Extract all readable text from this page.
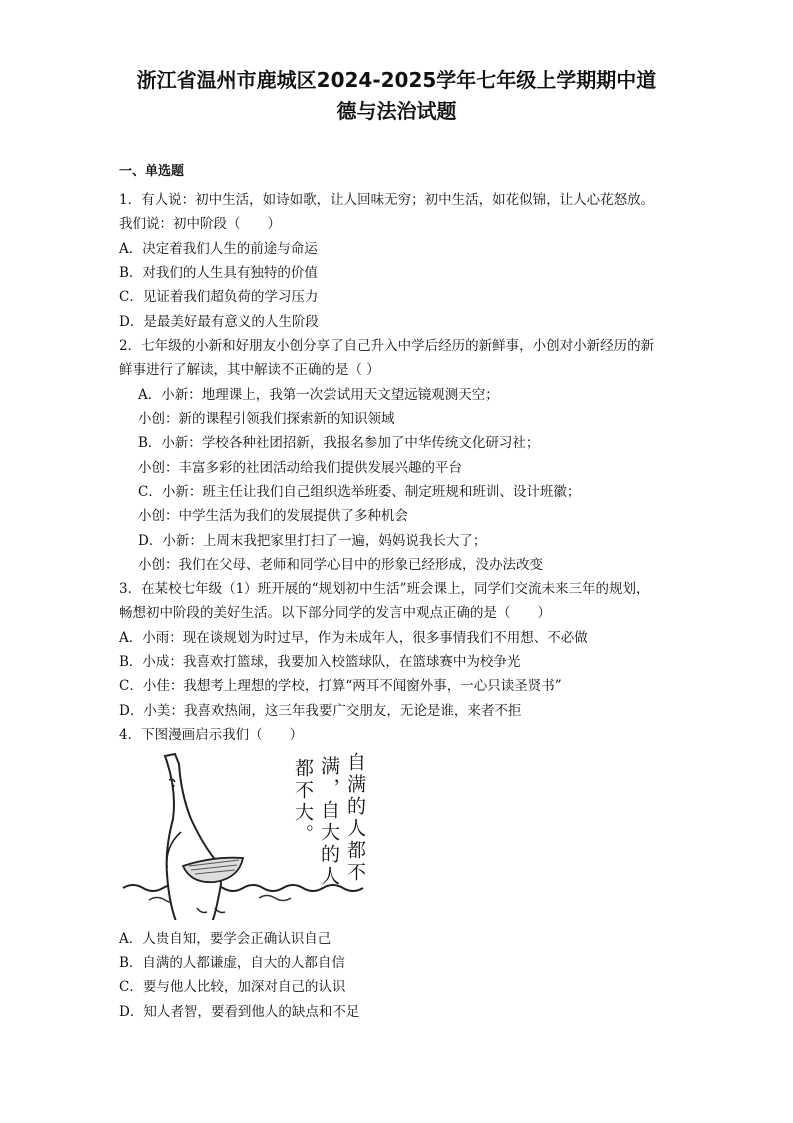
浙江省温州市鹿城区2024-2025学年七年级上学期期中道
德与法治试题
一、单选题
1．有人说：初中生活，如诗如歌，让人回味无穷；初中生活，如花似锦，让人心花怒放。
我们说：初中阶段（　　）
A．决定着我们人生的前途与命运
B．对我们的人生具有独特的价值
C．见证着我们超负荷的学习压力
D．是最美好最有意义的人生阶段
2．七年级的小新和好朋友小创分享了自己升入中学后经历的新鲜事，小创对小新经历的新
鲜事进行了解读，其中解读不正确的是（ ）
A．小新：地理课上，我第一次尝试用天文望远镜观测天空；
小创：新的课程引领我们探索新的知识领域
B．小新：学校各种社团招新，我报名参加了中华传统文化研习社；
小创：丰富多彩的社团活动给我们提供发展兴趣的平台
C．小新：班主任让我们自己组织选举班委、制定班规和班训、设计班徽；
小创：中学生活为我们的发展提供了多种机会
D．小新：上周末我把家里打扫了一遍，妈妈说我长大了；
小创：我们在父母、老师和同学心目中的形象已经形成，没办法改变
3．在某校七年级（1）班开展的“规划初中生活”班会课上，同学们交流未来三年的规划，
畅想初中阶段的美好生活。以下部分同学的发言中观点正确的是（　　）
A．小雨：现在谈规划为时过早，作为未成年人，很多事情我们不用想、不必做
B．小成：我喜欢打篮球，我要加入校篮球队，在篮球赛中为校争光
C．小佳：我想考上理想的学校，打算“两耳不闻窗外事，一心只读圣贤书”
D．小美：我喜欢热闹，这三年我要广交朋友，无论是谁，来者不拒
4．下图漫画启示我们（　　）
自满的人都不
满，自大的人
都不大。
A．人贵自知，要学会正确认识自己
B．自满的人都谦虚，自大的人都自信
C．要与他人比较，加深对自己的认识
D．知人者智，要看到他人的缺点和不足
